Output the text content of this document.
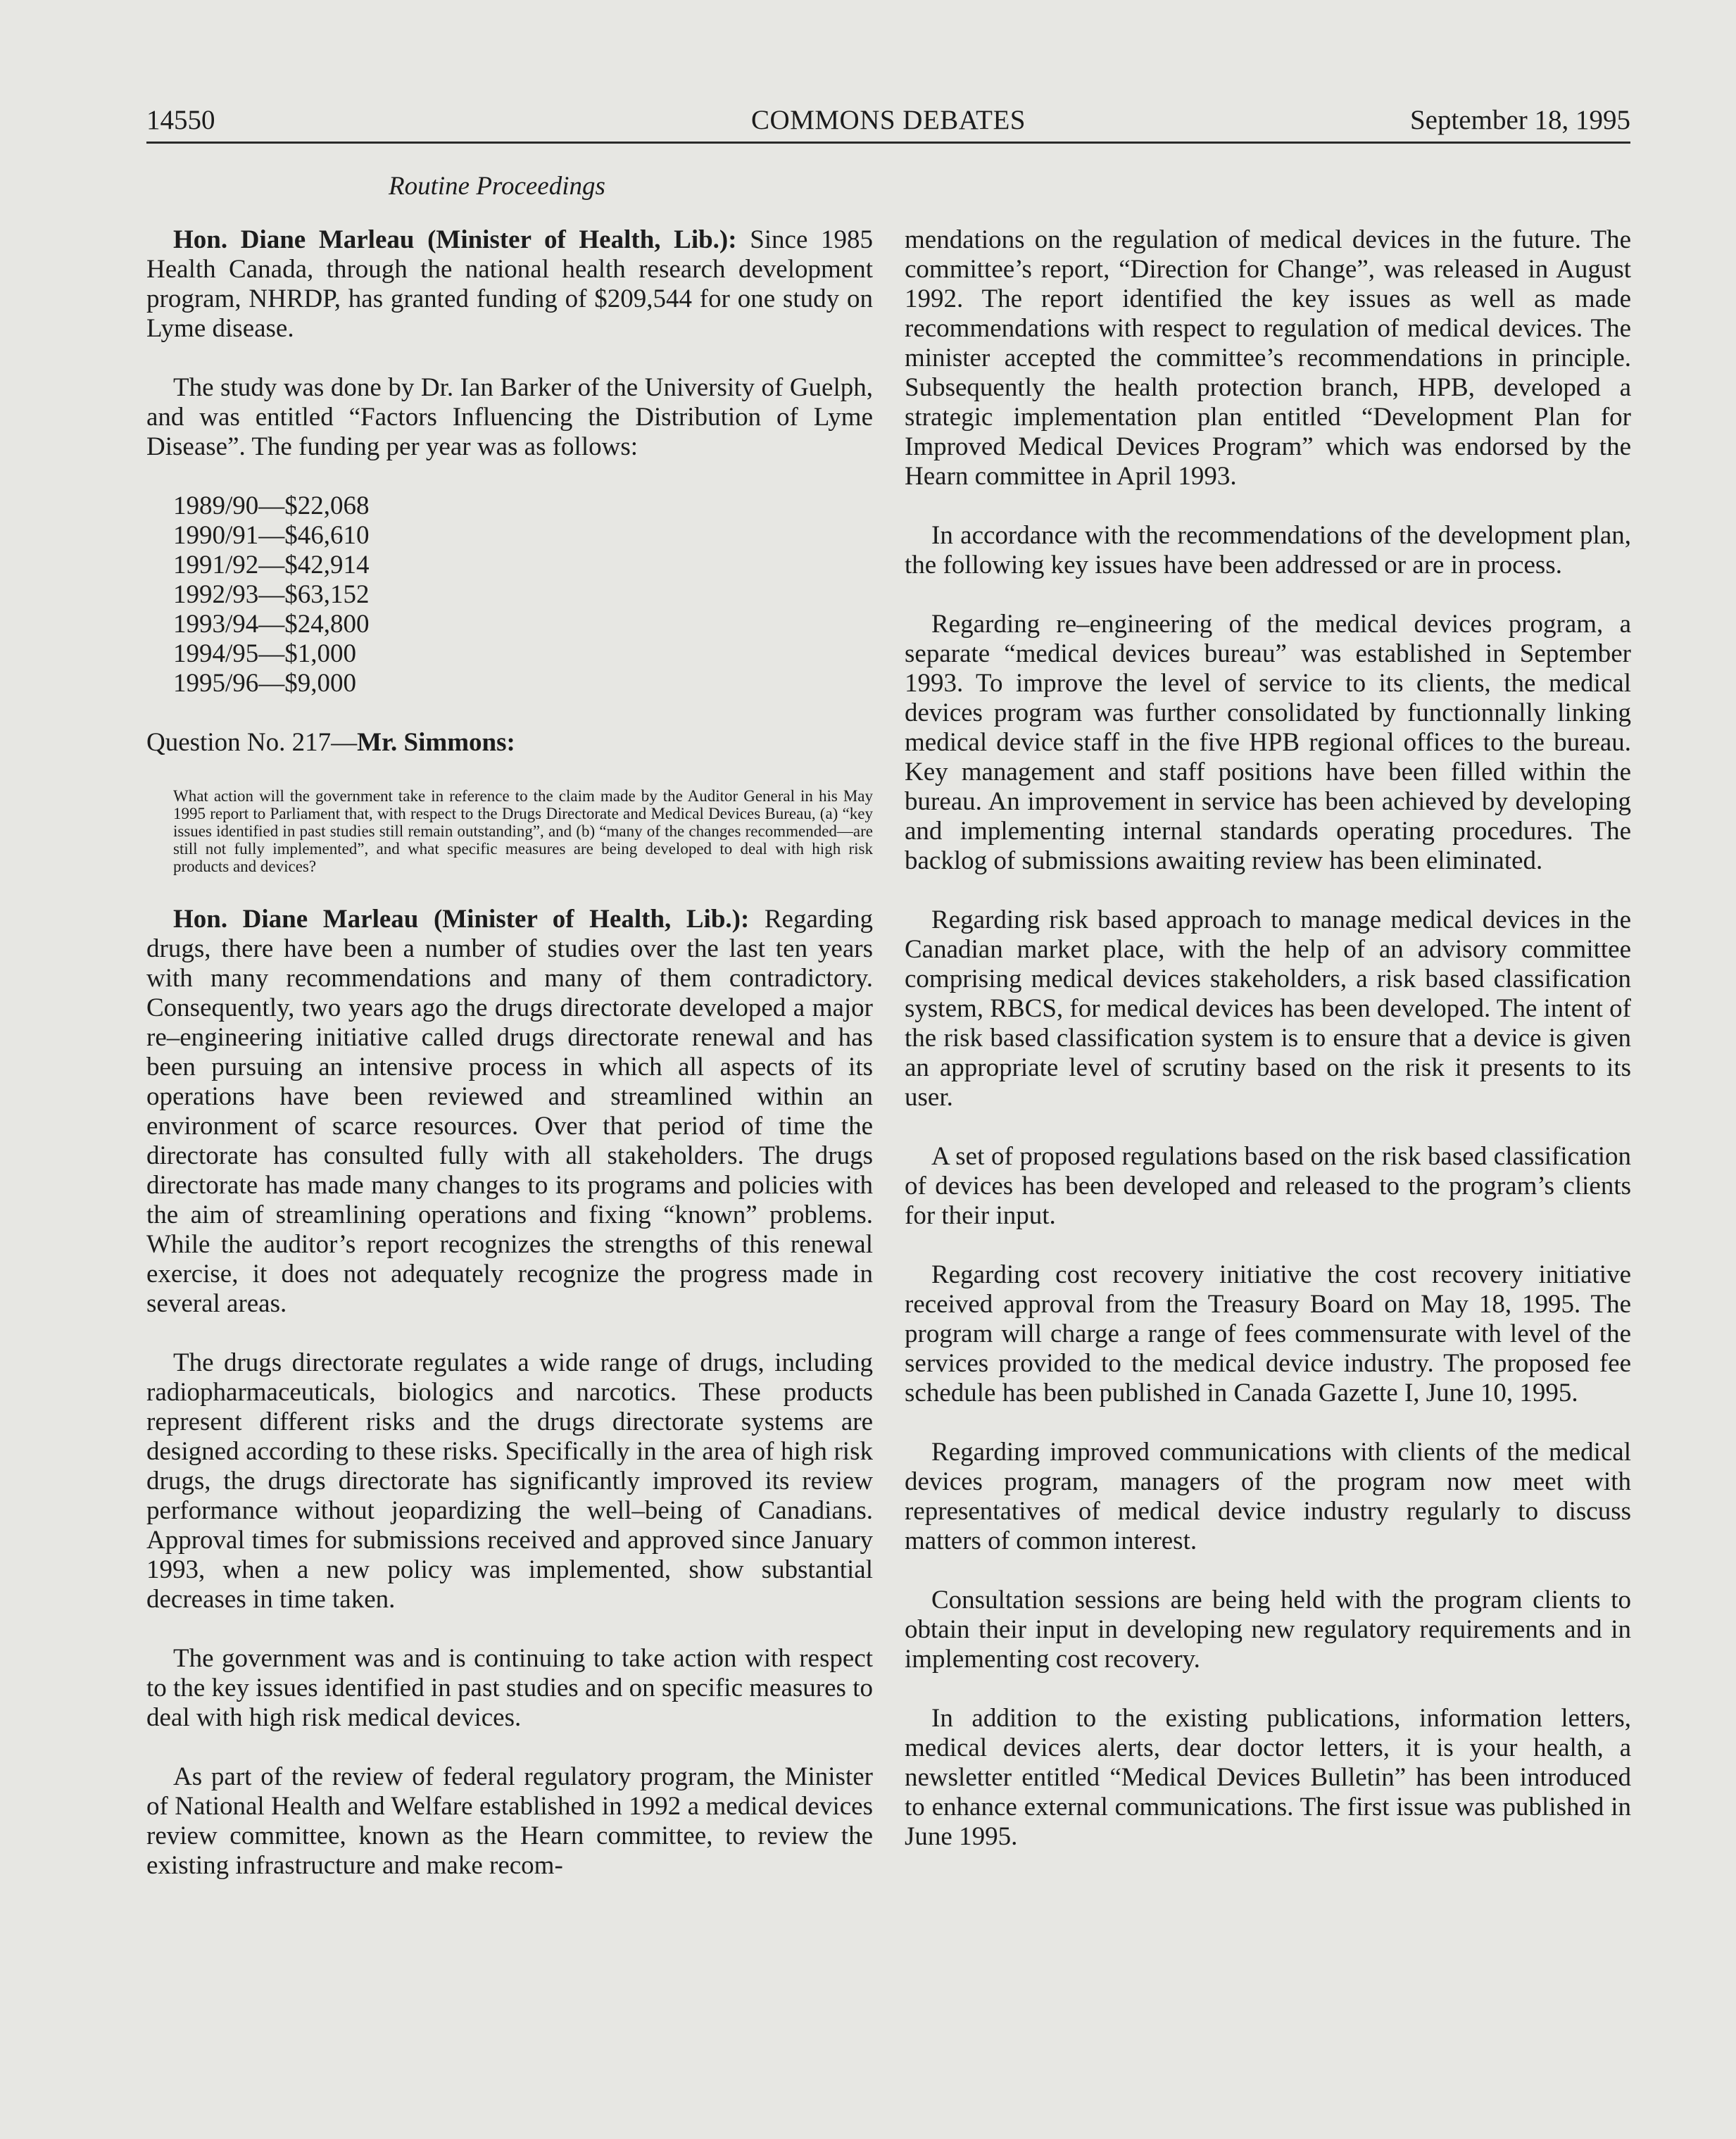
14550	COMMONS DEBATES	September 18, 1995
Routine Proceedings

Hon. Diane Marleau (Minister of Health, Lib.): Since 1985 Health Canada, through the national health research development program, NHRDP, has granted funding of $209,544 for one study on Lyme disease.

The study was done by Dr. Ian Barker of the University of Guelph, and was entitled “Factors Influencing the Distribution of Lyme Disease”. The funding per year was as follows:

1989/90—$22,068
1990/91—$46,610
1991/92—$42,914
1992/93—$63,152
1993/94—$24,800
1994/95—$1,000
1995/96—$9,000

Question No. 217—Mr. Simmons:

What action will the government take in reference to the claim made by the Auditor General in his May 1995 report to Parliament that, with respect to the Drugs Directorate and Medical Devices Bureau, (a) “key issues identified in past studies still remain outstanding”, and (b) “many of the changes recommended—are still not fully implemented”, and what specific measures are being developed to deal with high risk products and devices?

Hon. Diane Marleau (Minister of Health, Lib.): Regarding drugs, there have been a number of studies over the last ten years with many recommendations and many of them contradictory. Consequently, two years ago the drugs directorate developed a major re–engineering initiative called drugs directorate renewal and has been pursuing an intensive process in which all aspects of its operations have been reviewed and streamlined within an environment of scarce resources. Over that period of time the directorate has consulted fully with all stakeholders. The drugs directorate has made many changes to its programs and policies with the aim of streamlining operations and fixing “known” problems. While the auditor’s report recognizes the strengths of this renewal exercise, it does not adequately recognize the progress made in several areas.

The drugs directorate regulates a wide range of drugs, including radiopharmaceuticals, biologics and narcotics. These products represent different risks and the drugs directorate systems are designed according to these risks. Specifically in the area of high risk drugs, the drugs directorate has significantly improved its review performance without jeopardizing the well–being of Canadians. Approval times for submissions received and approved since January 1993, when a new policy was implemented, show substantial decreases in time taken.

The government was and is continuing to take action with respect to the key issues identified in past studies and on specific measures to deal with high risk medical devices.

As part of the review of federal regulatory program, the Minister of National Health and Welfare established in 1992 a medical devices review committee, known as the Hearn committee, to review the existing infrastructure and make recom-

mendations on the regulation of medical devices in the future. The committee’s report, “Direction for Change”, was released in August 1992. The report identified the key issues as well as made recommendations with respect to regulation of medical devices. The minister accepted the committee’s recommendations in principle. Subsequently the health protection branch, HPB, developed a strategic implementation plan entitled “Development Plan for Improved Medical Devices Program” which was endorsed by the Hearn committee in April 1993.

In accordance with the recommendations of the development plan, the following key issues have been addressed or are in process.

Regarding re–engineering of the medical devices program, a separate “medical devices bureau” was established in September 1993. To improve the level of service to its clients, the medical devices program was further consolidated by functionnally linking medical device staff in the five HPB regional offices to the bureau. Key management and staff positions have been filled within the bureau. An improvement in service has been achieved by developing and implementing internal standards operating procedures. The backlog of submissions awaiting review has been eliminated.

Regarding risk based approach to manage medical devices in the Canadian market place, with the help of an advisory committee comprising medical devices stakeholders, a risk based classification system, RBCS, for medical devices has been developed. The intent of the risk based classification system is to ensure that a device is given an appropriate level of scrutiny based on the risk it presents to its user.

A set of proposed regulations based on the risk based classification of devices has been developed and released to the program’s clients for their input.

Regarding cost recovery initiative the cost recovery initiative received approval from the Treasury Board on May 18, 1995. The program will charge a range of fees commensurate with level of the services provided to the medical device industry. The proposed fee schedule has been published in Canada Gazette I, June 10, 1995.

Regarding improved communications with clients of the medical devices program, managers of the program now meet with representatives of medical device industry regularly to discuss matters of common interest.

Consultation sessions are being held with the program clients to obtain their input in developing new regulatory requirements and in implementing cost recovery.

In addition to the existing publications, information letters, medical devices alerts, dear doctor letters, it is your health, a newsletter entitled “Medical Devices Bulletin” has been introduced to enhance external communications. The first issue was published in June 1995.
